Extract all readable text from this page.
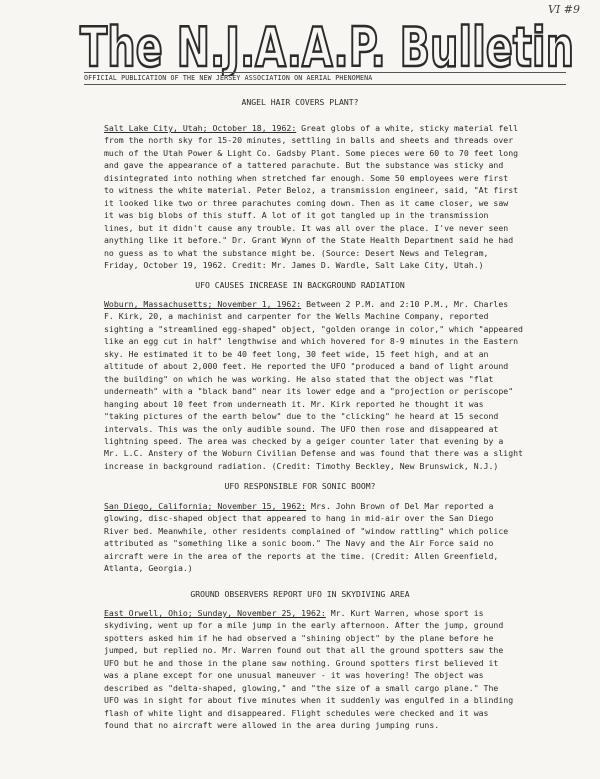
VI #9
The N.J.A.A.P. Bulletin
OFFICIAL PUBLICATION OF THE NEW JERSEY ASSOCIATION ON AERIAL PHENOMENA
ANGEL HAIR COVERS PLANT?
Salt Lake City, Utah; October 18, 1962: Great globs of a white, sticky material fell
from the north sky for 15-20 minutes, settling in balls and sheets and threads over
much of the Utah Power & Light Co. Gadsby Plant. Some pieces were 60 to 70 feet long
and gave the appearance of a tattered parachute. But the substance was sticky and
disintegrated into nothing when stretched far enough. Some 50 employees were first
to witness the white material. Peter Beloz, a transmission engineer, said, "At first
it looked like two or three parachutes coming down. Then as it came closer, we saw
it was big blobs of this stuff. A lot of it got tangled up in the transmission
lines, but it didn't cause any trouble. It was all over the place. I've never seen
anything like it before." Dr. Grant Wynn of the State Health Department said he had
no guess as to what the substance might be. (Source: Desert News and Telegram,
Friday, October 19, 1962. Credit: Mr. James D. Wardle, Salt Lake City, Utah.)
UFO CAUSES INCREASE IN BACKGROUND RADIATION
Woburn, Massachusetts; November 1, 1962: Between 2 P.M. and 2:10 P.M., Mr. Charles
F. Kirk, 20, a machinist and carpenter for the Wells Machine Company, reported
sighting a "streamlined egg-shaped" object, "golden orange in color," which "appeared
like an egg cut in half" lengthwise and which hovered for 8-9 minutes in the Eastern
sky. He estimated it to be 40 feet long, 30 feet wide, 15 feet high, and at an
altitude of about 2,000 feet. He reported the UFO "produced a band of light around
the building" on which he was working. He also stated that the object was "flat
underneath" with a "black band" near its lower edge and a "projection or periscope"
hanging about 10 feet from underneath it. Mr. Kirk reported he thought it was
"taking pictures of the earth below" due to the "clicking" he heard at 15 second
intervals. This was the only audible sound. The UFO then rose and disappeared at
lightning speed. The area was checked by a geiger counter later that evening by a
Mr. L.C. Anstery of the Woburn Civilian Defense and was found that there was a slight
increase in background radiation. (Credit: Timothy Beckley, New Brunswick, N.J.)
UFO RESPONSIBLE FOR SONIC BOOM?
San Diego, California; November 15, 1962: Mrs. John Brown of Del Mar reported a
glowing, disc-shaped object that appeared to hang in mid-air over the San Diego
River bed. Meanwhile, other residents complained of "window rattling" which police
attributed as "something like a sonic boom." The Navy and the Air Force said no
aircraft were in the area of the reports at the time. (Credit: Allen Greenfield,
Atlanta, Georgia.)
GROUND OBSERVERS REPORT UFO IN SKYDIVING AREA
East Orwell, Ohio; Sunday, November 25, 1962: Mr. Kurt Warren, whose sport is
skydiving, went up for a mile jump in the early afternoon. After the jump, ground
spotters asked him if he had observed a "shining object" by the plane before he
jumped, but replied no. Mr. Warren found out that all the ground spotters saw the
UFO but he and those in the plane saw nothing. Ground spotters first believed it
was a plane except for one unusual maneuver - it was hovering! The object was
described as "delta-shaped, glowing," and "the size of a small cargo plane." The
UFO was in sight for about five minutes when it suddenly was engulfed in a blinding
flash of white light and disappeared. Flight schedules were checked and it was
found that no aircraft were allowed in the area during jumping runs.
